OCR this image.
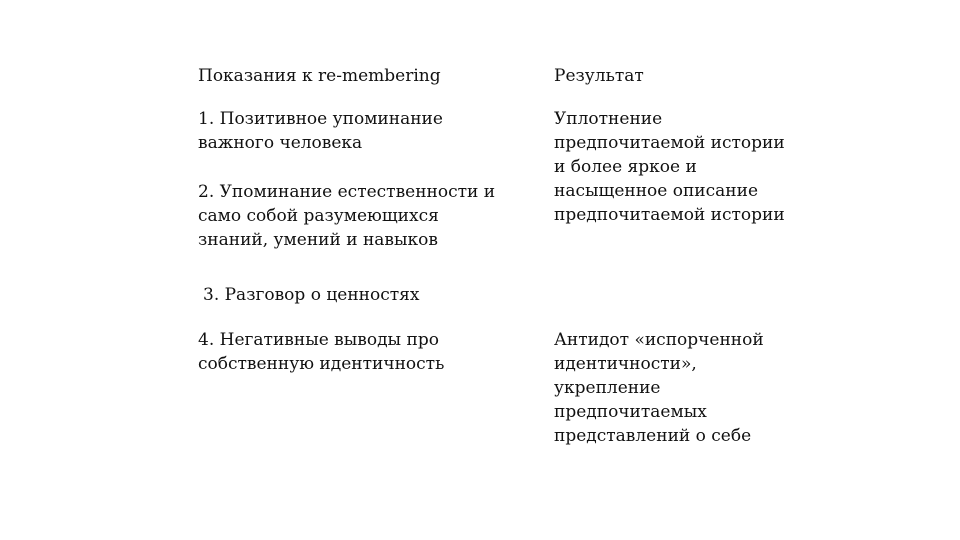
Показания к re-membering	Результат

1. Позитивное упоминание
важного человека

2. Упоминание естественности и
само собой разумеющихся
знаний, умений и навыков

3. Разговор о ценностях

4. Негативные выводы про
собственную идентичность

Уплотнение
предпочитаемой истории
и более яркое и
насыщенное описание
предпочитаемой истории

Антидот «испорченной
идентичности»,
укрепление
предпочитаемых
представлений о себе
